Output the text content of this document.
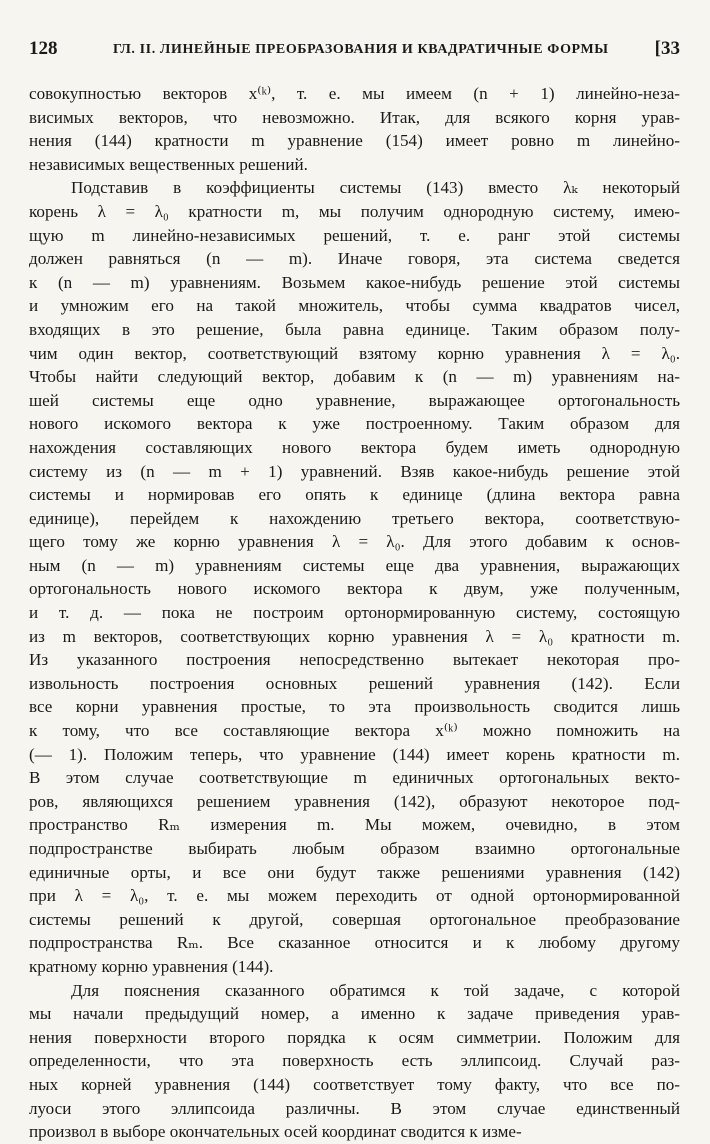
128	ГЛ. II. ЛИНЕЙНЫЕ ПРЕОБРАЗОВАНИЯ И КВАДРАТИЧНЫЕ ФОРМЫ [33
совокупностью векторов x⁽ᵏ⁾, т. е. мы имеем (n + 1) линейно-неза-
висимых векторов, что невозможно. Итак, для всякого корня урав-
нения (144) кратности m уравнение (154) имеет ровно m линейно-
независимых вещественных решений.
Подставив в коэффициенты системы (143) вместо λₖ некоторый
корень λ = λ₀ кратности m, мы получим однородную систему, имею-
щую m линейно-независимых решений, т. е. ранг этой системы
должен равняться (n — m). Иначе говоря, эта система сведется
к (n — m) уравнениям. Возьмем какое-нибудь решение этой системы
и умножим его на такой множитель, чтобы сумма квадратов чисел,
входящих в это решение, была равна единице. Таким образом полу-
чим один вектор, соответствующий взятому корню уравнения λ = λ₀.
Чтобы найти следующий вектор, добавим к (n — m) уравнениям на-
шей системы еще одно уравнение, выражающее ортогональность
нового искомого вектора к уже построенному. Таким образом для
нахождения составляющих нового вектора будем иметь однородную
систему из (n — m + 1) уравнений. Взяв какое-нибудь решение этой
системы и нормировав его опять к единице (длина вектора равна
единице), перейдем к нахождению третьего вектора, соответствую-
щего тому же корню уравнения λ = λ₀. Для этого добавим к основ-
ным (n — m) уравнениям системы еще два уравнения, выражающих
ортогональность нового искомого вектора к двум, уже полученным,
и т. д. — пока не построим ортонормированную систему, состоящую
из m векторов, соответствующих корню уравнения λ = λ₀ кратности m.
Из указанного построения непосредственно вытекает некоторая про-
извольность построения основных решений уравнения (142). Если
все корни уравнения простые, то эта произвольность сводится лишь
к тому, что все составляющие вектора x⁽ᵏ⁾ можно помножить на
(— 1). Положим теперь, что уравнение (144) имеет корень кратности m.
В этом случае соответствующие m единичных ортогональных векто-
ров, являющихся решением уравнения (142), образуют некоторое под-
пространство Rₘ измерения m. Мы можем, очевидно, в этом
подпространстве выбирать любым образом взаимно ортогональные
единичные орты, и все они будут также решениями уравнения (142)
при λ = λ₀, т. е. мы можем переходить от одной ортонормированной
системы решений к другой, совершая ортогональное преобразование
подпространства Rₘ. Все сказанное относится и к любому другому
кратному корню уравнения (144).
Для пояснения сказанного обратимся к той задаче, с которой
мы начали предыдущий номер, а именно к задаче приведения урав-
нения поверхности второго порядка к осям симметрии. Положим для
определенности, что эта поверхность есть эллипсоид. Случай раз-
ных корней уравнения (144) соответствует тому факту, что все по-
луоси этого эллипсоида различны. В этом случае единственный
произвол в выборе окончательных осей координат сводится к изме-
